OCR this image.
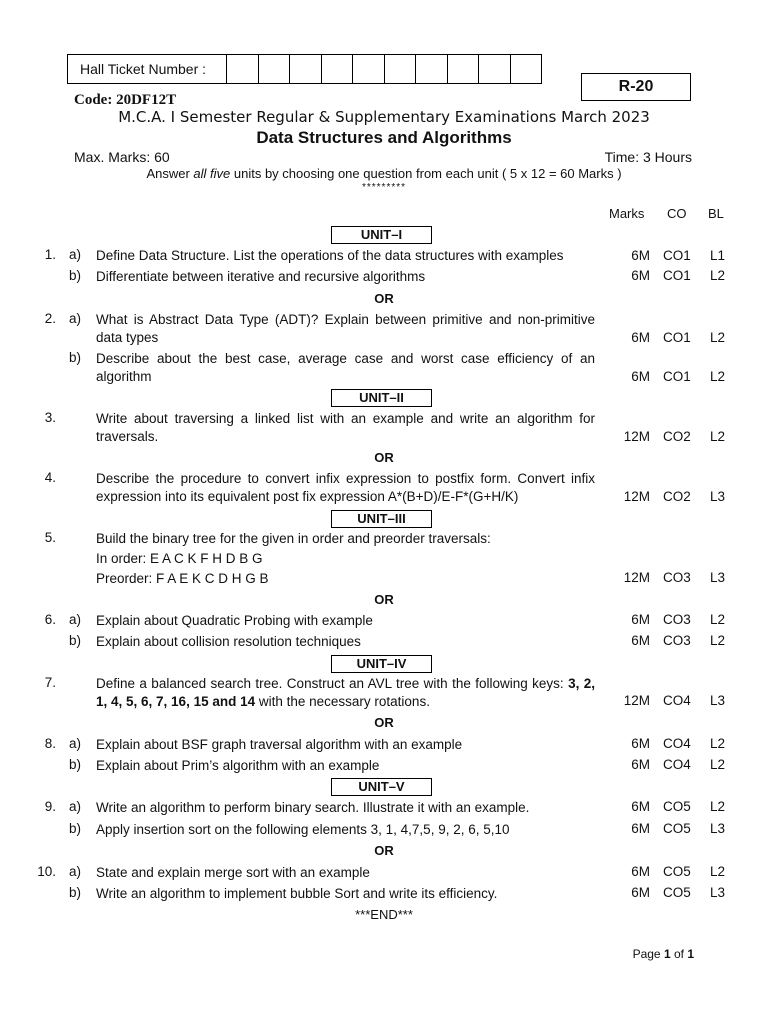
Hall Ticket Number :
R-20
Code: 20DF12T
M.C.A. I Semester Regular & Supplementary Examinations March 2023
Data Structures and Algorithms
Max. Marks: 60	Time: 3 Hours
Answer all five units by choosing one question from each unit ( 5 x 12 = 60 Marks )
*********
Marks CO BL
UNIT–I
UNIT–II
UNIT–III
UNIT–IV
UNIT–V
OR
OR
OR
OR
OR
1. a) Define Data Structure. List the operations of the data structures with examples	6M CO1 L1
b) Differentiate between iterative and recursive algorithms	6M CO1 L2
2. a) What is Abstract Data Type (ADT)? Explain between primitive and non-primitive data types	6M CO1 L2
b) Describe about the best case, average case and worst case efficiency of an algorithm	6M CO1 L2
3.	Write about traversing a linked list with an example and write an algorithm for traversals.	12M CO2 L2
4.	Describe the procedure to convert infix expression to postfix form. Convert infix expression into its equivalent post fix expression A*(B+D)/E-F*(G+H/K)	12M CO2 L3
5.	Build the binary tree for the given in order and preorder traversals:
In order: E A C K F H D B G
Preorder: F A E K C D H G B	12M CO3 L3
6. a) Explain about Quadratic Probing with example	6M CO3 L2
b) Explain about collision resolution techniques	6M CO3 L2
7.	Define a balanced search tree. Construct an AVL tree with the following keys: 3, 2, 1, 4, 5, 6, 7, 16, 15 and 14 with the necessary rotations.	12M CO4 L3
8. a) Explain about BSF graph traversal algorithm with an example	6M CO4 L2
b) Explain about Prim’s algorithm with an example	6M CO4 L2
9. a) Write an algorithm to perform binary search. Illustrate it with an example.	6M CO5 L2
b) Apply insertion sort on the following elements 3, 1, 4,7,5, 9, 2, 6, 5,10	6M CO5 L3
10. a) State and explain merge sort with an example	6M CO5 L2
b) Write an algorithm to implement bubble Sort and write its efficiency.	6M CO5 L3
***END***
Page 1 of 1
